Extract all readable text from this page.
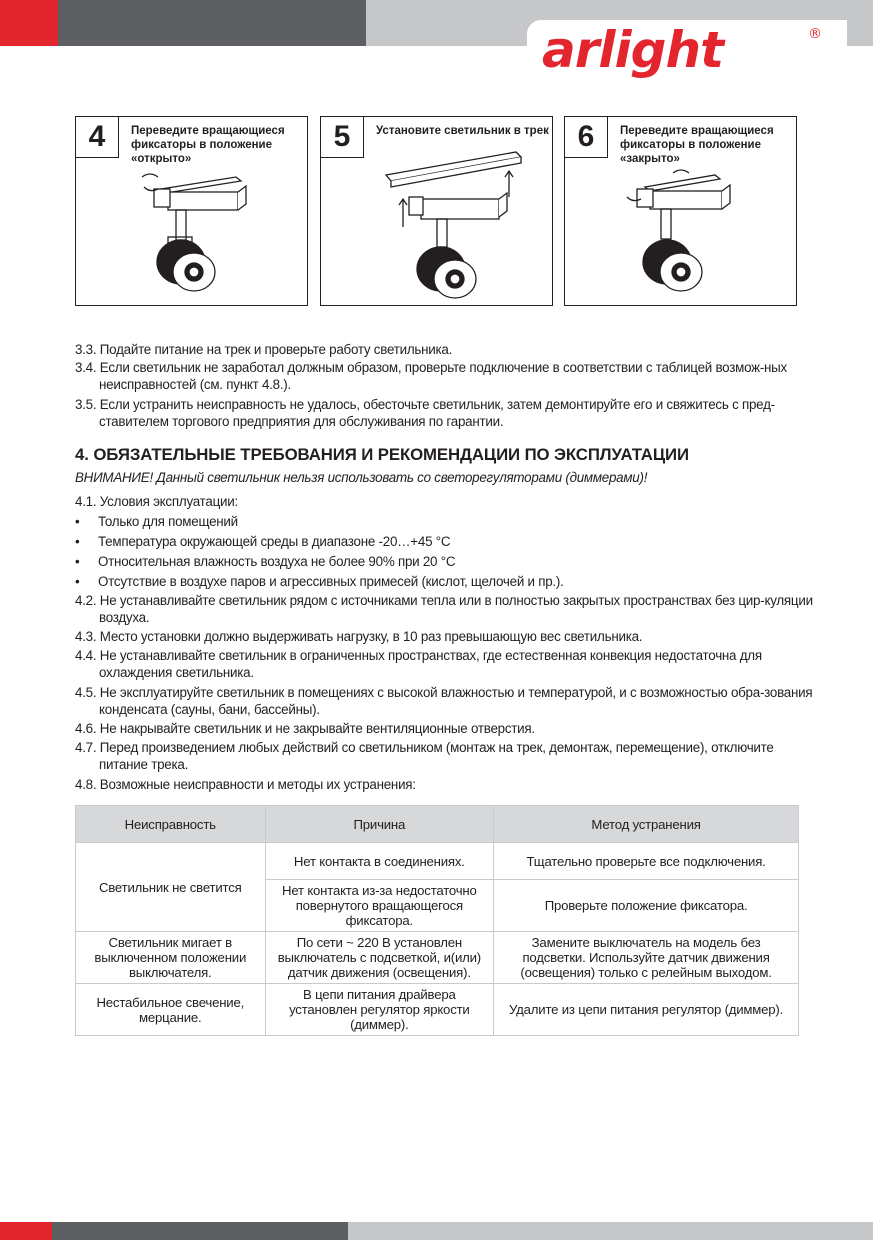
arlight	®
4	Переведите вращающиеся фиксаторы в положение «открыто»
5	Установите светильник в трек 6	Переведите вращающиеся фиксаторы в положение «закрыто»
3.3. Подайте питание на трек и проверьте работу светильника.
3.4. Если светильник не заработал должным образом, проверьте подключение в соответствии с таблицей возмож-ных неисправностей (см. пункт 4.8.).
3.5. Если устранить неисправность не удалось, обесточьте светильник, затем демонтируйте его и свяжитесь с пред-ставителем торгового предприятия для обслуживания по гарантии.
4. ОБЯЗАТЕЛЬНЫЕ ТРЕБОВАНИЯ И РЕКОМЕНДАЦИИ ПО ЭКСПЛУАТАЦИИ
ВНИМАНИЕ! Данный светильник нельзя использовать со светорегуляторами (диммерами)!
4.1. Условия эксплуатации:
• Только для помещений
• Температура окружающей среды в диапазоне -20…+45 °C
• Относительная влажность воздуха не более 90% при 20 °C
• Отсутствие в воздухе паров и агрессивных примесей (кислот, щелочей и пр.).
4.2. Не устанавливайте светильник рядом с источниками тепла или в полностью закрытых пространствах без цир-куляции воздуха.
4.3. Место установки должно выдерживать нагрузку, в 10 раз превышающую вес светильника.
4.4. Не устанавливайте светильник в ограниченных пространствах, где естественная конвекция недостаточна для охлаждения светильника.
4.5. Не эксплуатируйте светильник в помещениях с высокой влажностью и температурой, и с возможностью обра-зования конденсата (сауны, бани, бассейны).
4.6. Не накрывайте светильник и не закрывайте вентиляционные отверстия.
4.7. Перед произведением любых действий со светильником (монтаж на трек, демонтаж, перемещение), отключите питание трека.
4.8. Возможные неисправности и методы их устранения:
Неисправность	Причина	Метод устранения
Светильник не светится	Нет контакта в соединениях.	Тщательно проверьте все подключения.
	Нет контакта из-за недостаточно повернутого вращающегося фиксатора.	Проверьте положение фиксатора.
Светильник мигает в выключенном положении выключателя.	По сети ~ 220 В установлен выключатель с подсветкой, и(или) датчик движения (освещения).	Замените выключатель на модель без подсветки. Используйте датчик движения (освещения) только с релейным выходом.
Нестабильное свечение, мерцание.	В цепи питания драйвера установлен регулятор яркости (диммер).	Удалите из цепи питания регулятор (диммер).
